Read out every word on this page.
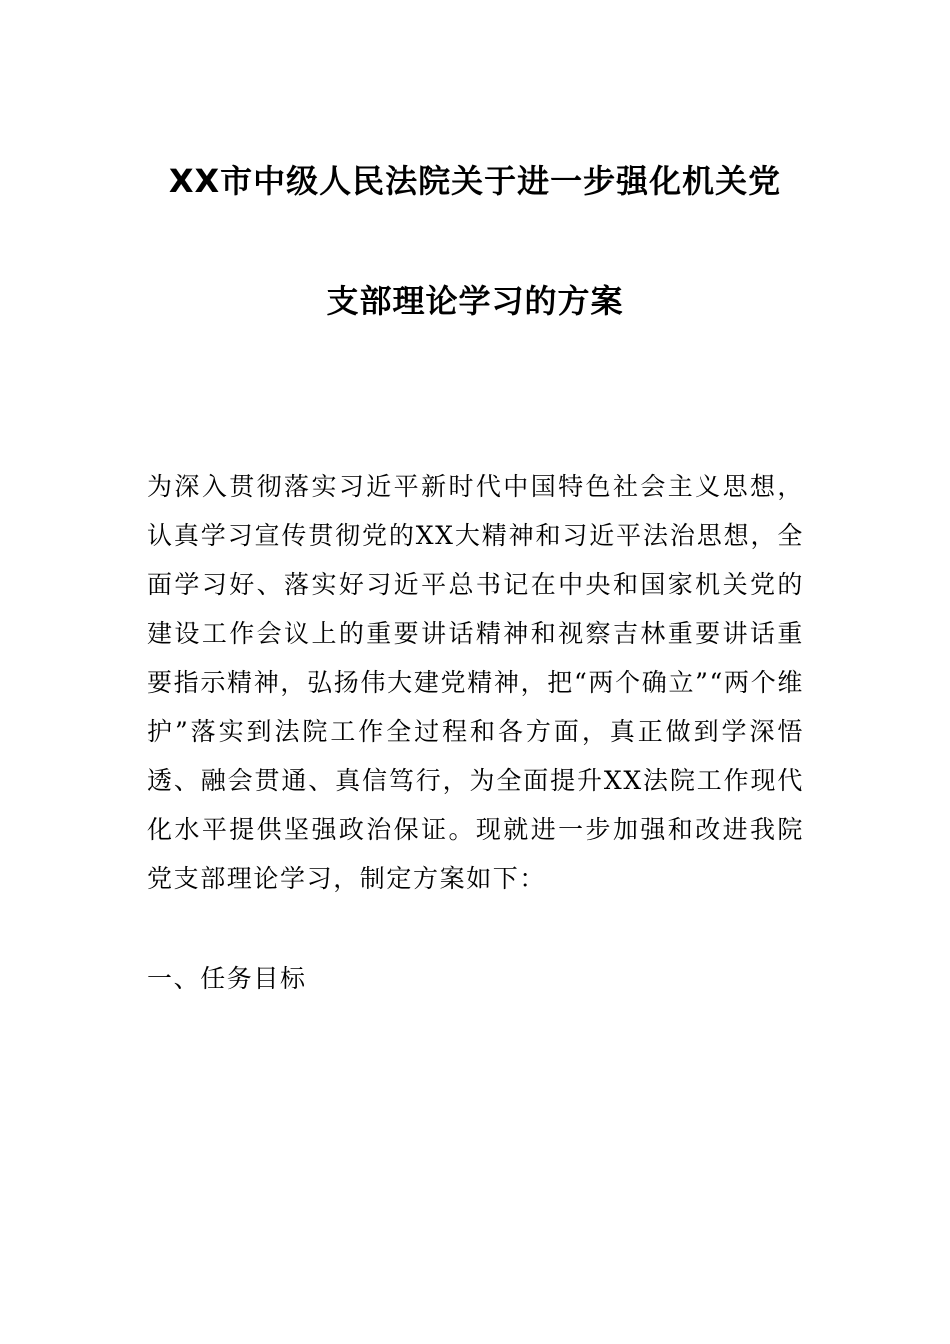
XX市中级人民法院关于进一步强化机关党
支部理论学习的方案

为深入贯彻落实习近平新时代中国特色社会主义思想，认真学习宣传贯彻党的XX大精神和习近平法治思想，全面学习好、落实好习近平总书记在中央和国家机关党的建设工作会议上的重要讲话精神和视察吉林重要讲话重要指示精神，弘扬伟大建党精神，把“两个确立”“两个维护”落实到法院工作全过程和各方面，真正做到学深悟透、融会贯通、真信笃行，为全面提升XX法院工作现代化水平提供坚强政治保证。现就进一步加强和改进我院党支部理论学习，制定方案如下：

一、任务目标
